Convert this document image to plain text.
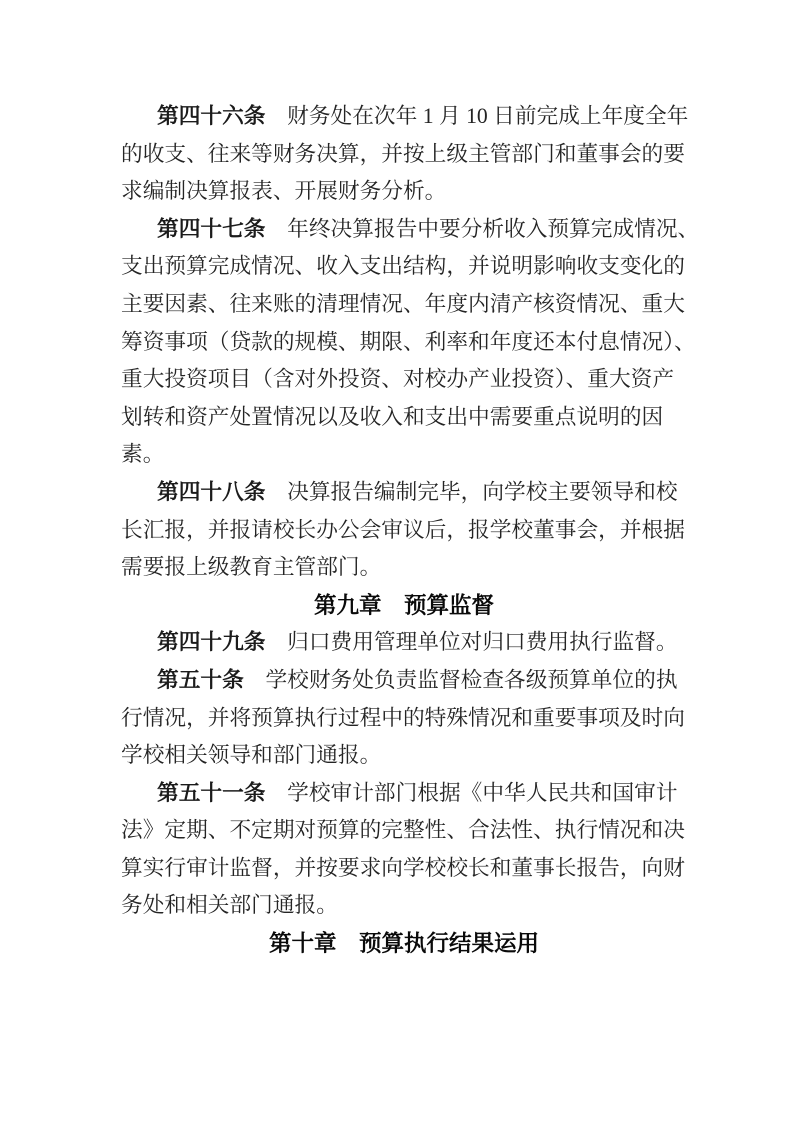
第四十六条　财务处在次年 1 月 10 日前完成上年度全年
的收支、往来等财务决算，并按上级主管部门和董事会的要
求编制决算报表、开展财务分析。
第四十七条　年终决算报告中要分析收入预算完成情况、
支出预算完成情况、收入支出结构，并说明影响收支变化的
主要因素、往来账的清理情况、年度内清产核资情况、重大
筹资事项（贷款的规模、期限、利率和年度还本付息情况）、
重大投资项目（含对外投资、对校办产业投资）、重大资产
划转和资产处置情况以及收入和支出中需要重点说明的因
素。
第四十八条　决算报告编制完毕，向学校主要领导和校
长汇报，并报请校长办公会审议后，报学校董事会，并根据
需要报上级教育主管部门。
第九章　预算监督
第四十九条　归口费用管理单位对归口费用执行监督。
第五十条　学校财务处负责监督检查各级预算单位的执
行情况，并将预算执行过程中的特殊情况和重要事项及时向
学校相关领导和部门通报。
第五十一条　学校审计部门根据《中华人民共和国审计
法》定期、不定期对预算的完整性、合法性、执行情况和决
算实行审计监督，并按要求向学校校长和董事长报告，向财
务处和相关部门通报。
第十章　预算执行结果运用
